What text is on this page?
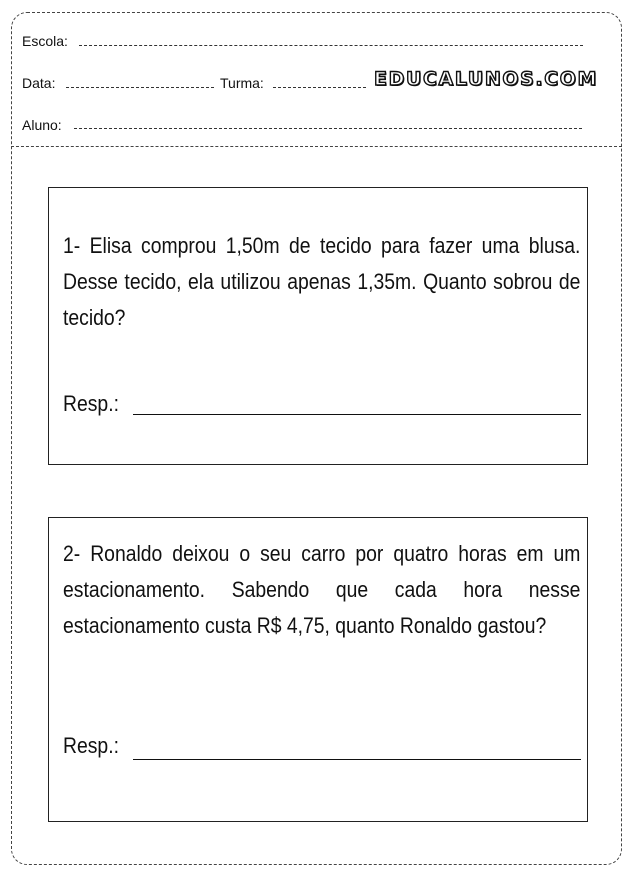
Escola:
Data:	Turma:	EDUCALUNOS.COM
Aluno:
1- Elisa comprou 1,50m de tecido para fazer uma blusa. Desse tecido, ela utilizou apenas 1,35m. Quanto sobrou de tecido?
Resp.:
2- Ronaldo deixou o seu carro por quatro horas em um estacionamento. Sabendo que cada hora nesse estacionamento custa R$ 4,75, quanto Ronaldo gastou?
Resp.:
